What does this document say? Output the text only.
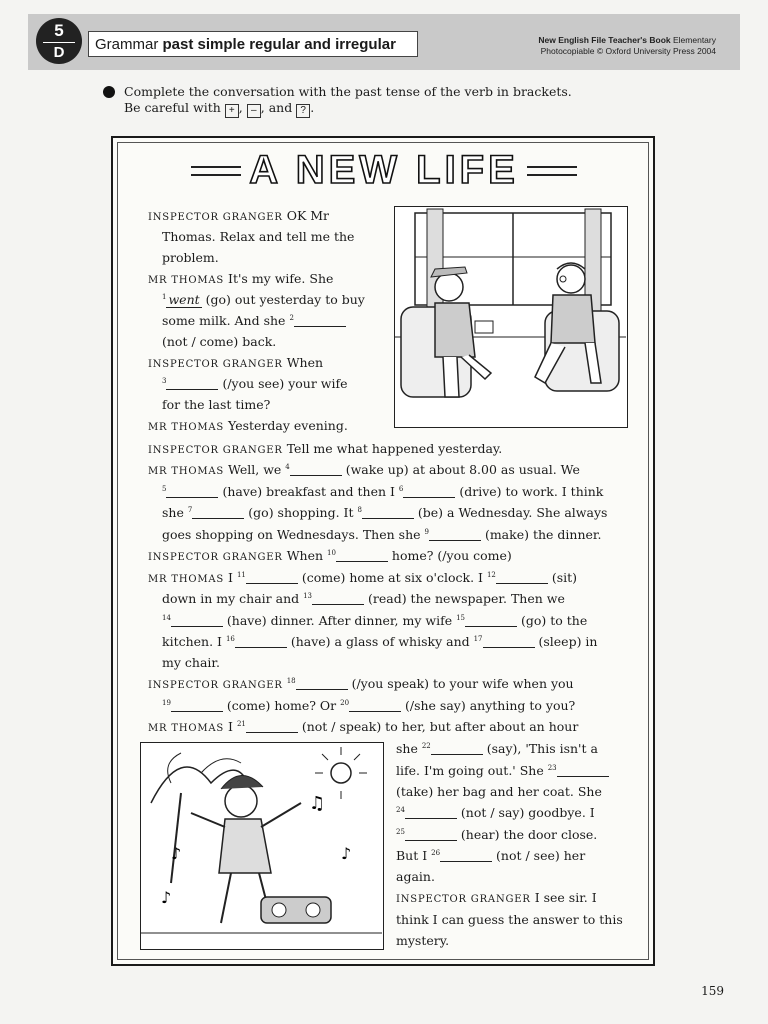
5
D	Grammar past simple regular and irregular	New English File Teacher's Book Elementary
Photocopiable © Oxford University Press 2004
Complete the conversation with the past tense of the verb in brackets.
Be careful with + , – , and ? .
A NEW LIFE
♪
♫
♪
♪
INSPECTOR GRANGER OK Mr
Thomas. Relax and tell me the
problem.
MR THOMAS It's my wife. She
$^1$ went (go) out yesterday to buy
some milk. And she $^2$
(not / come) back.
INSPECTOR GRANGER When
$^3$	(/you see) your wife
for the last time?
MR THOMAS Yesterday evening.
INSPECTOR GRANGER Tell me what happened yesterday.
MR THOMAS Well, we $^4$	(wake up) at about 8.00 as usual. We
$^5$	(have) breakfast and then I $^6$	(drive) to work. I think
she $^7$	(go) shopping. It $^8$	(be) a Wednesday. She always
goes shopping on Wednesdays. Then she $^9$	(make) the dinner.
INSPECTOR GRANGER When $^{10}$	home? (/you come)
MR THOMAS I $^{11}$	(come) home at six o'clock. I $^{12}$	(sit)
down in my chair and $^{13}$	(read) the newspaper. Then we
$^{14}$	(have) dinner. After dinner, my wife $^{15}$	(go) to the
kitchen. I $^{16}$	(have) a glass of whisky and $^{17}$	(sleep) in
my chair.
INSPECTOR GRANGER $^{18}$	(/you speak) to your wife when you
$^{19}$	(come) home? Or $^{20}$	(/she say) anything to you?
MR THOMAS I $^{21}$	(not / speak) to her, but after about an hour
she $^{22}$	(say), 'This isn't a
life. I'm going out.' She $^{23}$
(take) her bag and her coat. She
$^{24}$	(not / say) goodbye. I
$^{25}$	(hear) the door close.
But I $^{26}$	(not / see) her
again.
INSPECTOR GRANGER I see sir. I
think I can guess the answer to this
mystery.
159
